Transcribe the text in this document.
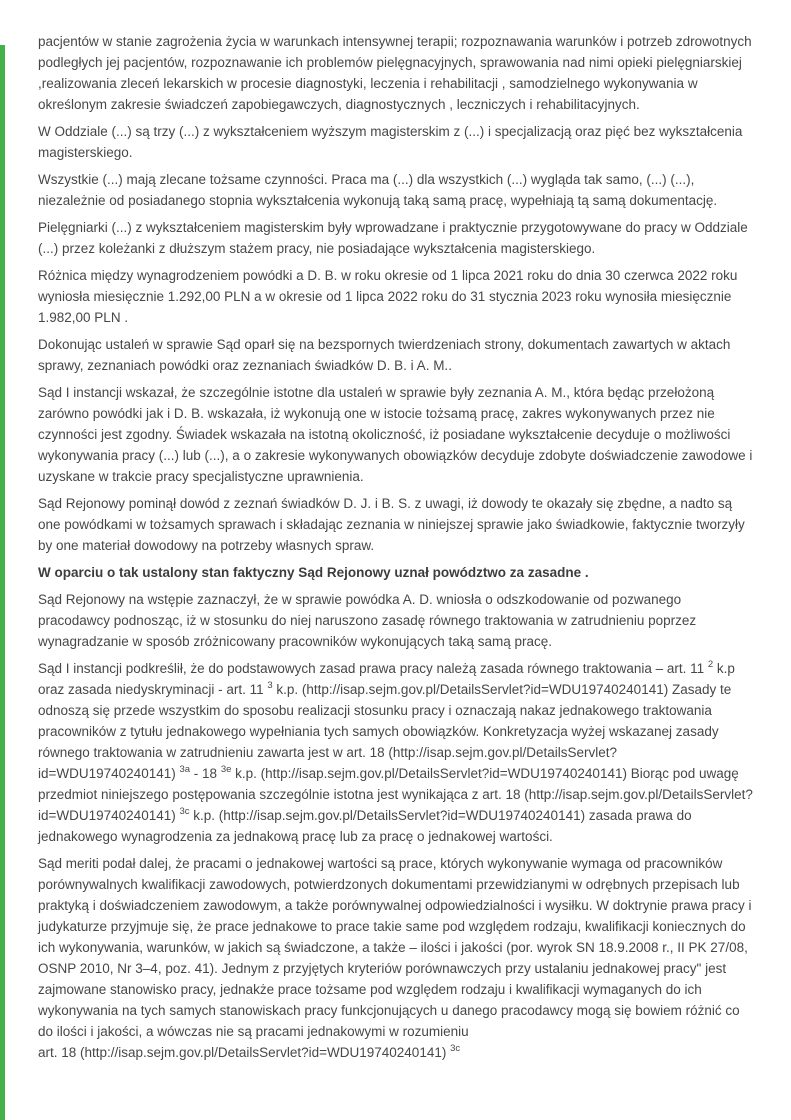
pacjentów w stanie zagrożenia życia w warunkach intensywnej terapii; rozpoznawania warunków i potrzeb zdrowotnych podległych jej pacjentów, rozpoznawanie ich problemów pielęgnacyjnych, sprawowania nad nimi opieki pielęgniarskiej ,realizowania zleceń lekarskich w procesie diagnostyki, leczenia i rehabilitacji , samodzielnego wykonywania w określonym zakresie świadczeń zapobiegawczych, diagnostycznych , leczniczych i rehabilitacyjnych.

W Oddziale (...) są trzy (...) z wykształceniem wyższym magisterskim z (...) i specjalizacją oraz pięć bez wykształcenia magisterskiego.

Wszystkie (...) mają zlecane tożsame czynności. Praca ma (...) dla wszystkich (...) wygląda tak samo, (...) (...), niezależnie od posiadanego stopnia wykształcenia wykonują taką samą pracę, wypełniają tą samą dokumentację.

Pielęgniarki (...) z wykształceniem magisterskim były wprowadzane i praktycznie przygotowywane do pracy w Oddziale (...) przez koleżanki z dłuższym stażem pracy, nie posiadające wykształcenia magisterskiego.

Różnica między wynagrodzeniem powódki a D. B. w roku okresie od 1 lipca 2021 roku do dnia 30 czerwca 2022 roku wyniosła miesięcznie 1.292,00 PLN a w okresie od 1 lipca 2022 roku do 31 stycznia 2023 roku wynosiła miesięcznie 1.982,00 PLN .

Dokonując ustaleń w sprawie Sąd oparł się na bezspornych twierdzeniach strony, dokumentach zawartych w aktach sprawy, zeznaniach powódki oraz zeznaniach świadków D. B. i A. M..

Sąd I instancji wskazał, że szczególnie istotne dla ustaleń w sprawie były zeznania A. M., która będąc przełożoną zarówno powódki jak i D. B. wskazała, iż wykonują one w istocie tożsamą pracę, zakres wykonywanych przez nie czynności jest zgodny. Świadek wskazała na istotną okoliczność, iż posiadane wykształcenie decyduje o możliwości wykonywania pracy (...) lub (...), a o zakresie wykonywanych obowiązków decyduje zdobyte doświadczenie zawodowe i uzyskane w trakcie pracy specjalistyczne uprawnienia.

Sąd Rejonowy pominął dowód z zeznań świadków D. J. i B. S. z uwagi, iż dowody te okazały się zbędne, a nadto są one powódkami w tożsamych sprawach i składając zeznania w niniejszej sprawie jako świadkowie, faktycznie tworzyły by one materiał dowodowy na potrzeby własnych spraw.

W oparciu o tak ustalony stan faktyczny Sąd Rejonowy uznał powództwo za zasadne .

Sąd Rejonowy na wstępie zaznaczył, że w sprawie powódka A. D. wniosła o odszkodowanie od pozwanego pracodawcy podnosząc, iż w stosunku do niej naruszono zasadę równego traktowania w zatrudnieniu poprzez wynagradzanie w sposób zróżnicowany pracowników wykonujących taką samą pracę.

Sąd I instancji podkreślił, że do podstawowych zasad prawa pracy należą zasada równego traktowania – art. 11 $^2$ k.p oraz zasada niedyskryminacji - art. 11 $^3$ k.p. (http://isap.sejm.gov.pl/DetailsServlet?id=WDU19740240141) Zasady te odnoszą się przede wszystkim do sposobu realizacji stosunku pracy i oznaczają nakaz jednakowego traktowania pracowników z tytułu jednakowego wypełniania tych samych obowiązków. Konkretyzacja wyżej wskazanej zasady równego traktowania w zatrudnieniu zawarta jest w art. 18 (http://isap.sejm.gov.pl/DetailsServlet?id=WDU19740240141) $^{3a}$ - 18 $^{3e}$ k.p. (http://isap.sejm.gov.pl/DetailsServlet?id=WDU19740240141) Biorąc pod uwagę przedmiot niniejszego postępowania szczególnie istotna jest wynikająca z art. 18 (http://isap.sejm.gov.pl/DetailsServlet?id=WDU19740240141) $^{3c}$ k.p. (http://isap.sejm.gov.pl/DetailsServlet?id=WDU19740240141) zasada prawa do jednakowego wynagrodzenia za jednakową pracę lub za pracę o jednakowej wartości.

Sąd meriti podał dalej, że pracami o jednakowej wartości są prace, których wykonywanie wymaga od pracowników porównywalnych kwalifikacji zawodowych, potwierdzonych dokumentami przewidzianymi w odrębnych przepisach lub praktyką i doświadczeniem zawodowym, a także porównywalnej odpowiedzialności i wysiłku. W doktrynie prawa pracy i judykaturze przyjmuje się, że prace jednakowe to prace takie same pod względem rodzaju, kwalifikacji koniecznych do ich wykonywania, warunków, w jakich są świadczone, a także – ilości i jakości (por. wyrok SN 18.9.2008 r., II PK 27/08, OSNP 2010, Nr 3–4, poz. 41). Jednym z przyjętych kryteriów porównawczych przy ustalaniu jednakowej pracy" jest zajmowane stanowisko pracy, jednakże prace tożsame pod względem rodzaju i kwalifikacji wymaganych do ich wykonywania na tych samych stanowiskach pracy funkcjonujących u danego pracodawcy mogą się bowiem różnić co do ilości i jakości, a wówczas nie są pracami jednakowymi w rozumieniu
art. 18 (http://isap.sejm.gov.pl/DetailsServlet?id=WDU19740240141) $^{3c}$
